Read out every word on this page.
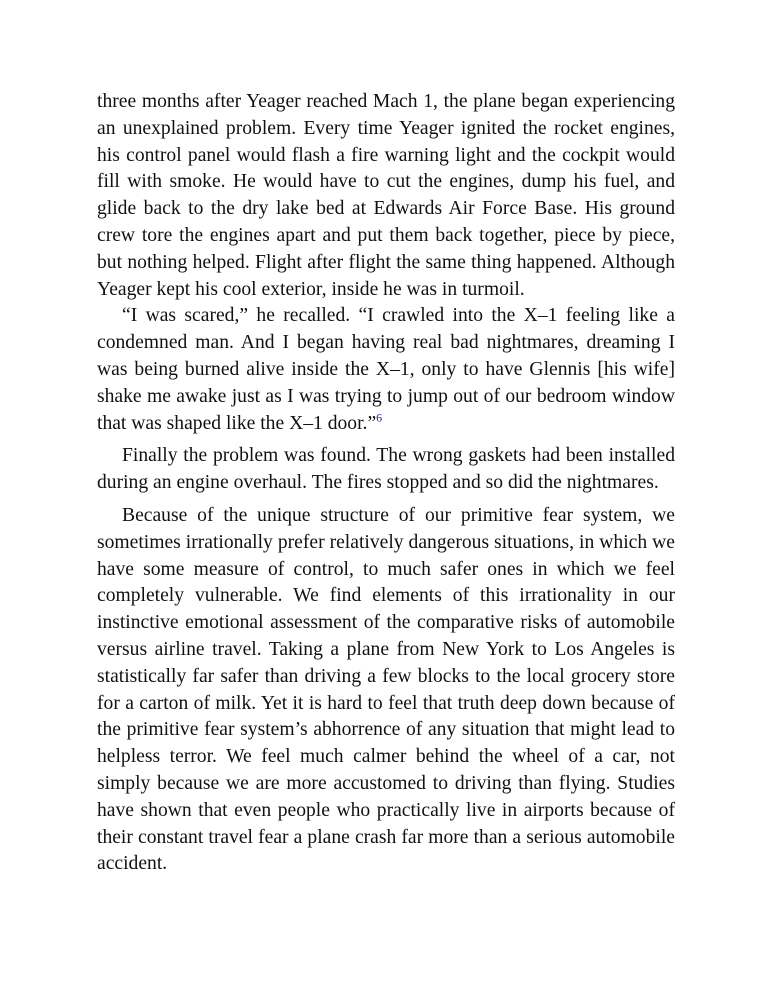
three months after Yeager reached Mach 1, the plane began experiencing an unexplained problem. Every time Yeager ignited the rocket engines, his control panel would flash a fire warning light and the cockpit would fill with smoke. He would have to cut the engines, dump his fuel, and glide back to the dry lake bed at Edwards Air Force Base. His ground crew tore the engines apart and put them back together, piece by piece, but nothing helped. Flight after flight the same thing happened. Although Yeager kept his cool exterior, inside he was in turmoil.

“I was scared,” he recalled. “I crawled into the X–1 feeling like a condemned man. And I began having real bad nightmares, dreaming I was being burned alive inside the X–1, only to have Glennis [his wife] shake me awake just as I was trying to jump out of our bedroom window that was shaped like the X–1 door.”$^6$

Finally the problem was found. The wrong gaskets had been installed during an engine overhaul. The fires stopped and so did the nightmares.

Because of the unique structure of our primitive fear system, we sometimes irrationally prefer relatively dangerous situations, in which we have some measure of control, to much safer ones in which we feel completely vulnerable. We find elements of this irrationality in our instinctive emotional assessment of the comparative risks of automobile versus airline travel. Taking a plane from New York to Los Angeles is statistically far safer than driving a few blocks to the local grocery store for a carton of milk. Yet it is hard to feel that truth deep down because of the primitive fear system’s abhorrence of any situation that might lead to helpless terror. We feel much calmer behind the wheel of a car, not simply because we are more accustomed to driving than flying. Studies have shown that even people who practically live in airports because of their constant travel fear a plane crash far more than a serious automobile accident.
